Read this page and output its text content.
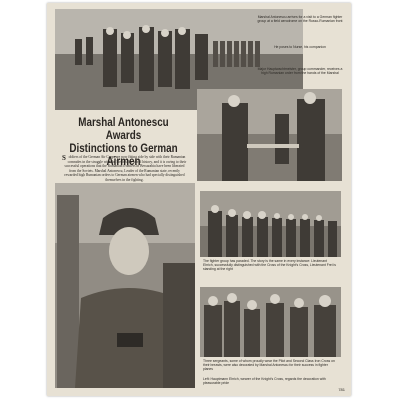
Marshal Antonescu arrives for a visit to a German fighter group at a field aerodrome on the Russo-Rumanian front
He poses to Nurse, his companion
Major Hauptwachtmeister, group commander, receives a high Rumanian order from the hands of the Marshal
Marshal Antonescu Awards
Distinctions to German Airmen
S oldiers of the German Air Corps are now fitting side by side with their Rumanian comrades in the struggle with the Soviets for world history, and it is owing to their successful operations that the Rumanian frontiers in Bessarabia have been liberated from the Soviets. Marshal Antonescu, Leader of the Rumanian state, recently rewarded high Rumanian orders to German airmen who had specially distinguished themselves in the fighting.
The fighter group has paraded. The story is the same in every instance: Lieutenant Ehrich, successfully distinguished with the Cross of the Knight's Cross, Lieutenant Frei is standing at the right
Three sergeants, some of whom proudly wear the Pilot and Second Class Iron Cross on their breasts, were also decorated by Marshal Antonescu for their success in fighter planes
Left: Hauptmann Ehrich, wearer of the Knight's Cross, regards the decoration with pleasurable pride
781
